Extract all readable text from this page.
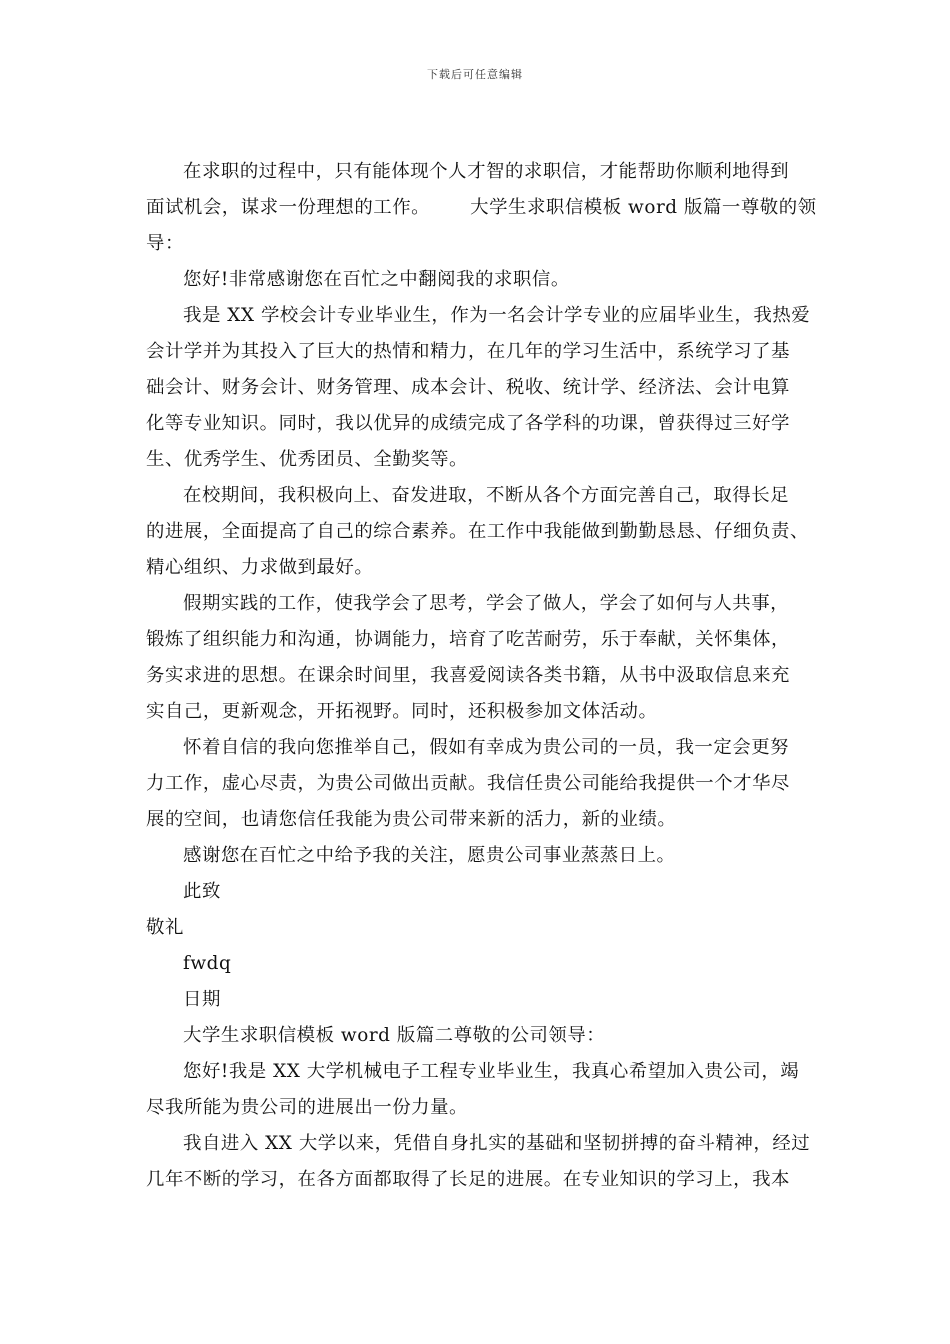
下载后可任意编辑
在求职的过程中，只有能体现个人才智的求职信，才能帮助你顺利地得到
面试机会，谋求一份理想的工作。 大学生求职信模板 word 版篇一尊敬的领
导：
您好!非常感谢您在百忙之中翻阅我的求职信。
我是 XX 学校会计专业毕业生，作为一名会计学专业的应届毕业生，我热爱
会计学并为其投入了巨大的热情和精力，在几年的学习生活中，系统学习了基
础会计、财务会计、财务管理、成本会计、税收、统计学、经济法、会计电算
化等专业知识。同时，我以优异的成绩完成了各学科的功课，曾获得过三好学
生、优秀学生、优秀团员、全勤奖等。
在校期间，我积极向上、奋发进取，不断从各个方面完善自己，取得长足
的进展，全面提高了自己的综合素养。在工作中我能做到勤勤恳恳、仔细负责、
精心组织、力求做到最好。
假期实践的工作，使我学会了思考，学会了做人，学会了如何与人共事，
锻炼了组织能力和沟通，协调能力，培育了吃苦耐劳，乐于奉献，关怀集体，
务实求进的思想。在课余时间里，我喜爱阅读各类书籍，从书中汲取信息来充
实自己，更新观念，开拓视野。同时，还积极参加文体活动。
怀着自信的我向您推举自己，假如有幸成为贵公司的一员，我一定会更努
力工作，虚心尽责，为贵公司做出贡献。我信任贵公司能给我提供一个才华尽
展的空间，也请您信任我能为贵公司带来新的活力，新的业绩。
感谢您在百忙之中给予我的关注，愿贵公司事业蒸蒸日上。
此致
敬礼
fwdq
日期
大学生求职信模板 word 版篇二尊敬的公司领导：
您好!我是 XX 大学机械电子工程专业毕业生，我真心希望加入贵公司，竭
尽我所能为贵公司的进展出一份力量。
我自进入 XX 大学以来，凭借自身扎实的基础和坚韧拼搏的奋斗精神，经过
几年不断的学习，在各方面都取得了长足的进展。在专业知识的学习上，我本
